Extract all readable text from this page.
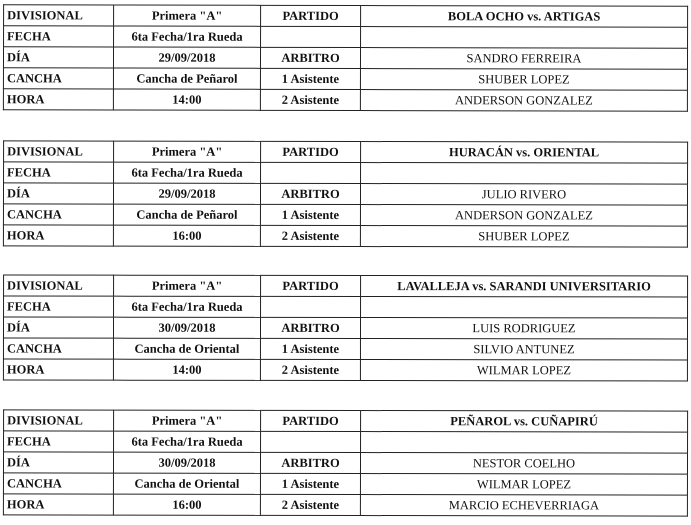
DIVISIONAL	Primera "A"	PARTIDO	BOLA OCHO vs. ARTIGAS
FECHA	6ta Fecha/1ra Rueda		
DÍA	29/09/2018	ARBITRO	SANDRO FERREIRA
CANCHA	Cancha de Peñarol	1 Asistente	SHUBER LOPEZ
HORA	14:00	2 Asistente	ANDERSON GONZALEZ
DIVISIONAL	Primera "A"	PARTIDO	HURACÁN vs. ORIENTAL
FECHA	6ta Fecha/1ra Rueda		
DÍA	29/09/2018	ARBITRO	JULIO RIVERO
CANCHA	Cancha de Peñarol	1 Asistente	ANDERSON GONZALEZ
HORA	16:00	2 Asistente	SHUBER LOPEZ
DIVISIONAL	Primera "A"	PARTIDO	LAVALLEJA vs. SARANDI UNIVERSITARIO
FECHA	6ta Fecha/1ra Rueda		
DÍA	30/09/2018	ARBITRO	LUIS RODRIGUEZ
CANCHA	Cancha de Oriental	1 Asistente	SILVIO ANTUNEZ
HORA	14:00	2 Asistente	WILMAR LOPEZ
DIVISIONAL	Primera "A"	PARTIDO	PEÑAROL vs. CUÑAPIRÚ
FECHA	6ta Fecha/1ra Rueda		
DÍA	30/09/2018	ARBITRO	NESTOR COELHO
CANCHA	Cancha de Oriental	1 Asistente	WILMAR LOPEZ
HORA	16:00	2 Asistente	MARCIO ECHEVERRIAGA
